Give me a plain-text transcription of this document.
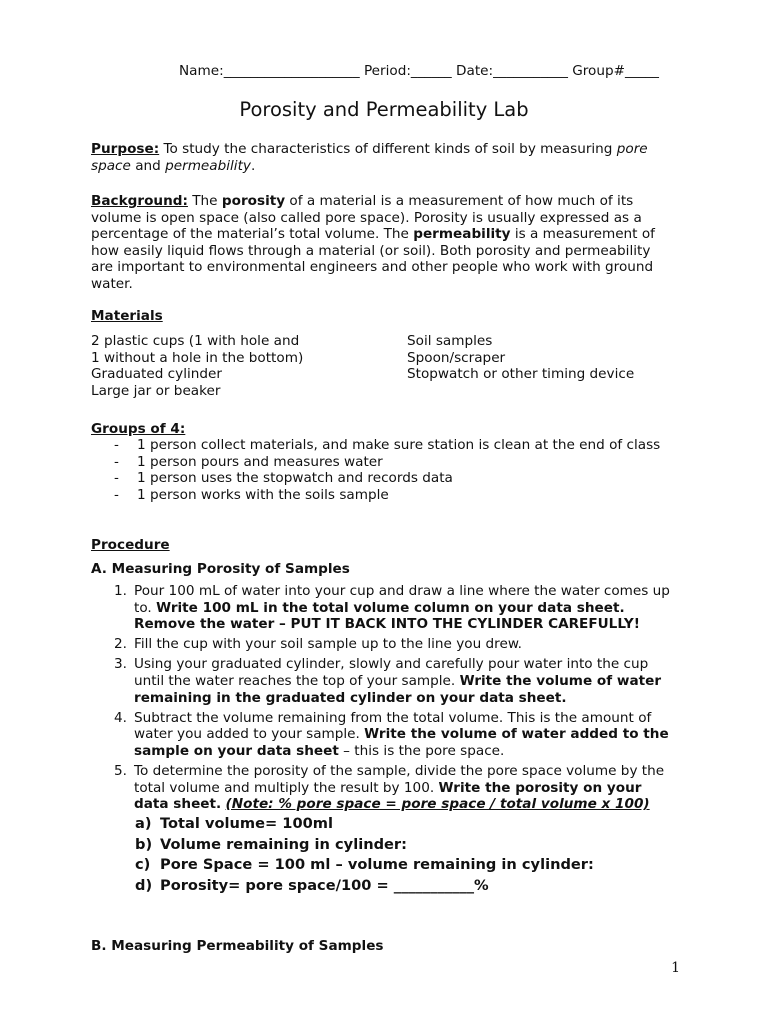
Name:____________________ Period:______ Date:___________ Group#_____
Porosity and Permeability Lab
Purpose: To study the characteristics of different kinds of soil by measuring pore space and permeability.
Background: The porosity of a material is a measurement of how much of its volume is open space (also called pore space). Porosity is usually expressed as a percentage of the material’s total volume. The permeability is a measurement of how easily liquid flows through a material (or soil). Both porosity and permeability are important to environmental engineers and other people who work with ground water.
Materials
2 plastic cups (1 with hole and
1 without a hole in the bottom)
Graduated cylinder
Large jar or beaker
Soil samples
Spoon/scraper
Stopwatch or other timing device
Groups of 4:
- 1 person collect materials, and make sure station is clean at the end of class
- 1 person pours and measures water
- 1 person uses the stopwatch and records data
- 1 person works with the soils sample
Procedure
A. Measuring Porosity of Samples
1. Pour 100 mL of water into your cup and draw a line where the water comes up to. Write 100 mL in the total volume column on your data sheet. Remove the water – PUT IT BACK INTO THE CYLINDER CAREFULLY!
2. Fill the cup with your soil sample up to the line you drew.
3. Using your graduated cylinder, slowly and carefully pour water into the cup until the water reaches the top of your sample. Write the volume of water remaining in the graduated cylinder on your data sheet.
4. Subtract the volume remaining from the total volume. This is the amount of water you added to your sample. Write the volume of water added to the sample on your data sheet – this is the pore space.
5. To determine the porosity of the sample, divide the pore space volume by the total volume and multiply the result by 100. Write the porosity on your data sheet. (Note: % pore space = pore space / total volume x 100)
a) Total volume= 100ml
b) Volume remaining in cylinder:
c) Pore Space = 100 ml – volume remaining in cylinder:
d) Porosity= pore space/100 = ___________%
B. Measuring Permeability of Samples
1
